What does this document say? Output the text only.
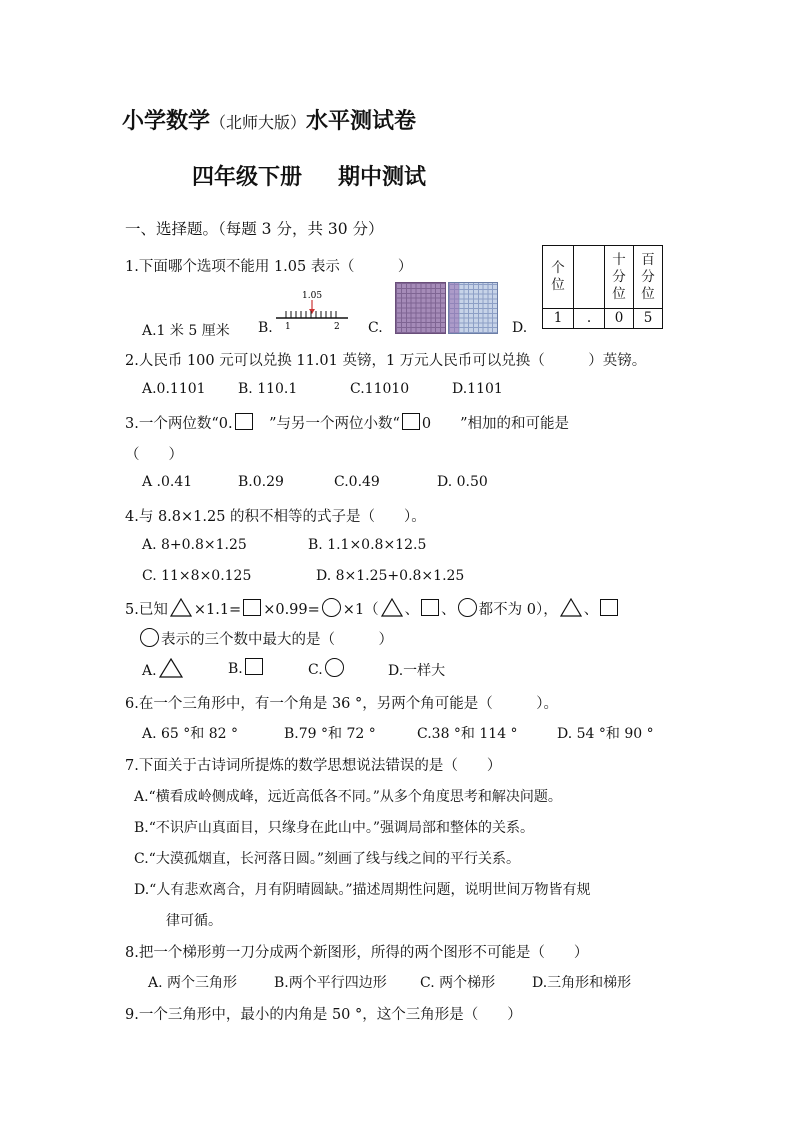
小学数学（北师大版）水平测试卷
四年级下册 期中测试
一、选择题。（每题 3 分，共 30 分）
1.下面哪个选项不能用 1.05 表示（　　　）
A.1 米 5 厘米 B.
1.05
1	2 C.	D.
个位		十分位	百分位
1	.	0	5
2.人民币 100 元可以兑换 11.01 英镑，1 万元人民币可以兑换（　　　）英镑。
A.0.1101 B. 110.1	C.11010	D.1101
3.一个两位数“0.　	”与另一个两位小数“ 0　　”相加的和可能是
（　　）
A .0.41	B.0.29	C.0.49	D. 0.50
4.与 8.8×1.25 的积不相等的式子是（　　）。
A. 8+0.8×1.25	B. 1.1×0.8×12.5
C. 11×8×0.125	D. 8×1.25+0.8×1.25
5.已知 ×1.1= ×0.99= ×1（ 、 、 都不为 0）， 、
表示的三个数中最大的是（　　　）
A.	B.	C.	D.一样大
6.在一个三角形中，有一个角是 36 °，另两个角可能是（　　　）。
A. 65 °和 82 °	B.79 °和 72 °	C.38 °和 114 °	D. 54 °和 90 °
7.下面关于古诗词所提炼的数学思想说法错误的是（　　）
A.“横看成岭侧成峰，远近高低各不同。”从多个角度思考和解决问题。
B.“不识庐山真面目，只缘身在此山中。”强调局部和整体的关系。
C.“大漠孤烟直，长河落日圆。”刻画了线与线之间的平行关系。
D.“人有悲欢离合，月有阴晴圆缺。”描述周期性问题，说明世间万物皆有规
律可循。
8.把一个梯形剪一刀分成两个新图形，所得的两个图形不可能是（　　）
A. 两个三角形	B.两个平行四边形 C. 两个梯形	D.三角形和梯形
9.一个三角形中，最小的内角是 50 °，这个三角形是（　　）
